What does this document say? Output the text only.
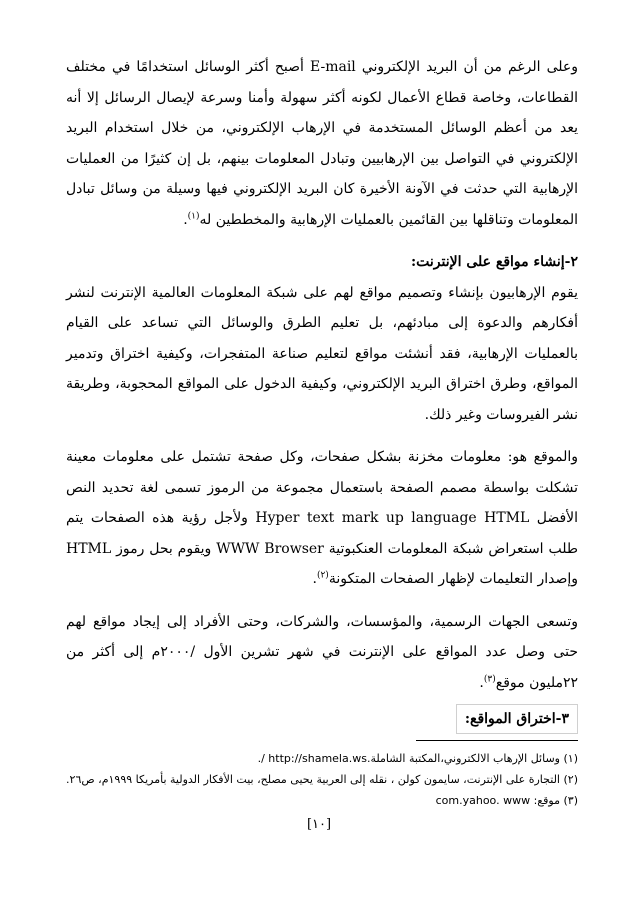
وعلى الرغم من أن البريد الإلكتروني E-mail أصبح أكثر الوسائل استخدامًا في مختلف القطاعات، وخاصة قطاع الأعمال لكونه أكثر سهولة وأمنا وسرعة لإيصال الرسائل إلا أنه يعد من أعظم الوسائل المستخدمة في الإرهاب الإلكتروني، من خلال استخدام البريد الإلكتروني في التواصل بين الإرهابيين وتبادل المعلومات بينهم، بل إن كثيرًا من العمليات الإرهابية التي حدثت في الآونة الأخيرة كان البريد الإلكتروني فيها وسيلة من وسائل تبادل المعلومات وتناقلها بين القائمين بالعمليات الإرهابية والمخططين له$^{(١)}$.

٢-إنشاء مواقع على الإنترنت:

يقوم الإرهابيون بإنشاء وتصميم مواقع لهم على شبكة المعلومات العالمية الإنترنت لنشر أفكارهم والدعوة إلى مبادئهم، بل تعليم الطرق والوسائل التي تساعد على القيام بالعمليات الإرهابية، فقد أنشئت مواقع لتعليم صناعة المتفجرات، وكيفية اختراق وتدمير المواقع، وطرق اختراق البريد الإلكتروني، وكيفية الدخول على المواقع المحجوبة، وطريقة نشر الفيروسات وغير ذلك.

والموقع هو: معلومات مخزنة بشكل صفحات، وكل صفحة تشتمل على معلومات معينة تشكلت بواسطة مصمم الصفحة باستعمال مجموعة من الرموز تسمى لغة تحديد النص الأفضل Hyper text mark up language HTML ولأجل رؤية هذه الصفحات يتم طلب استعراض شبكة المعلومات العنكبوتية WWW Browser ويقوم بحل رموز HTML وإصدار التعليمات لإظهار الصفحات المتكونة$^{(٢)}$.

وتسعى الجهات الرسمية، والمؤسسات، والشركات، وحتى الأفراد إلى إيجاد مواقع لهم حتى وصل عدد المواقع على الإنترنت في شهر تشرين الأول /٢٠٠٠م إلى أكثر من ٢٢مليون موقع$^{(٣)}$.

٣-اختراق المواقع:

(١) وسائل الإرهاب الالكتروني،المكتبة الشاملة.http://shamela.ws /.

(٢) التجارة على الإنترنت، سايمون كولن ، نقله إلى العربية يحيى مصلح، بيت الأفكار الدولية بأمريكا ١٩٩٩م، ص٢٦.

(٣) موقع: com.yahoo. www

[١٠]
